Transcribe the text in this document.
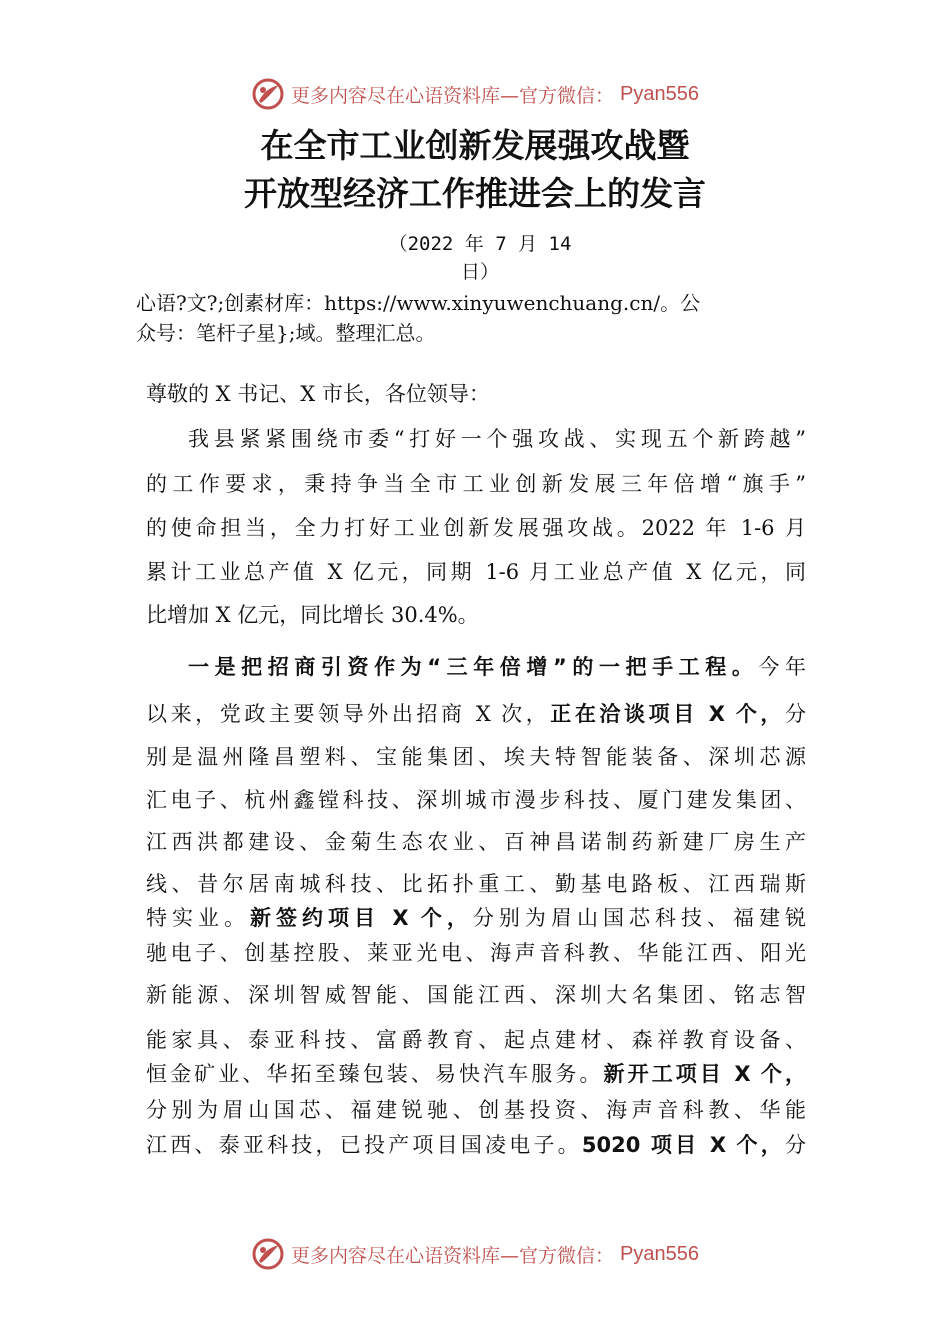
更多内容尽在心语资料库—官方微信： Pyan556
在全市工业创新发展强攻战暨
开放型经济工作推进会上的发言
（2022 年 7 月 14
日）
心语?文?;创素材库：https://www.xinyuwenchuang.cn/。公
众号：笔杆子星};域。整理汇总。
尊敬的 X 书记、X 市长，各位领导：
我县紧紧围绕市委“打好一个强攻战、实现五个新跨越”
的工作要求，秉持争当全市工业创新发展三年倍增“旗手”
的使命担当，全力打好工业创新发展强攻战。2022 年 1-6 月
累计工业总产值 X 亿元，同期 1-6 月工业总产值 X 亿元，同
比增加 X 亿元，同比增长 30.4%。
一是把招商引资作为“三年倍增”的一把手工程。今年
以来，党政主要领导外出招商 X 次，正在洽谈项目 X 个，分
别是温州隆昌塑料、宝能集团、埃夫特智能装备、深圳芯源
汇电子、杭州鑫镗科技、深圳城市漫步科技、厦门建发集团、
江西洪都建设、金菊生态农业、百神昌诺制药新建厂房生产
线、昔尔居南城科技、比拓扑重工、勤基电路板、江西瑞斯
特实业。新签约项目 X 个，分别为眉山国芯科技、福建锐
驰电子、创基控股、莱亚光电、海声音科教、华能江西、阳光
新能源、深圳智威智能、国能江西、深圳大名集团、铭志智
能家具、泰亚科技、富爵教育、起点建材、森祥教育设备、
恒金矿业、华拓至臻包装、易快汽车服务。新开工项目 X 个，
分别为眉山国芯、福建锐驰、创基投资、海声音科教、华能
江西、泰亚科技，已投产项目国凌电子。5020 项目 X 个，分
更多内容尽在心语资料库—官方微信： Pyan556
